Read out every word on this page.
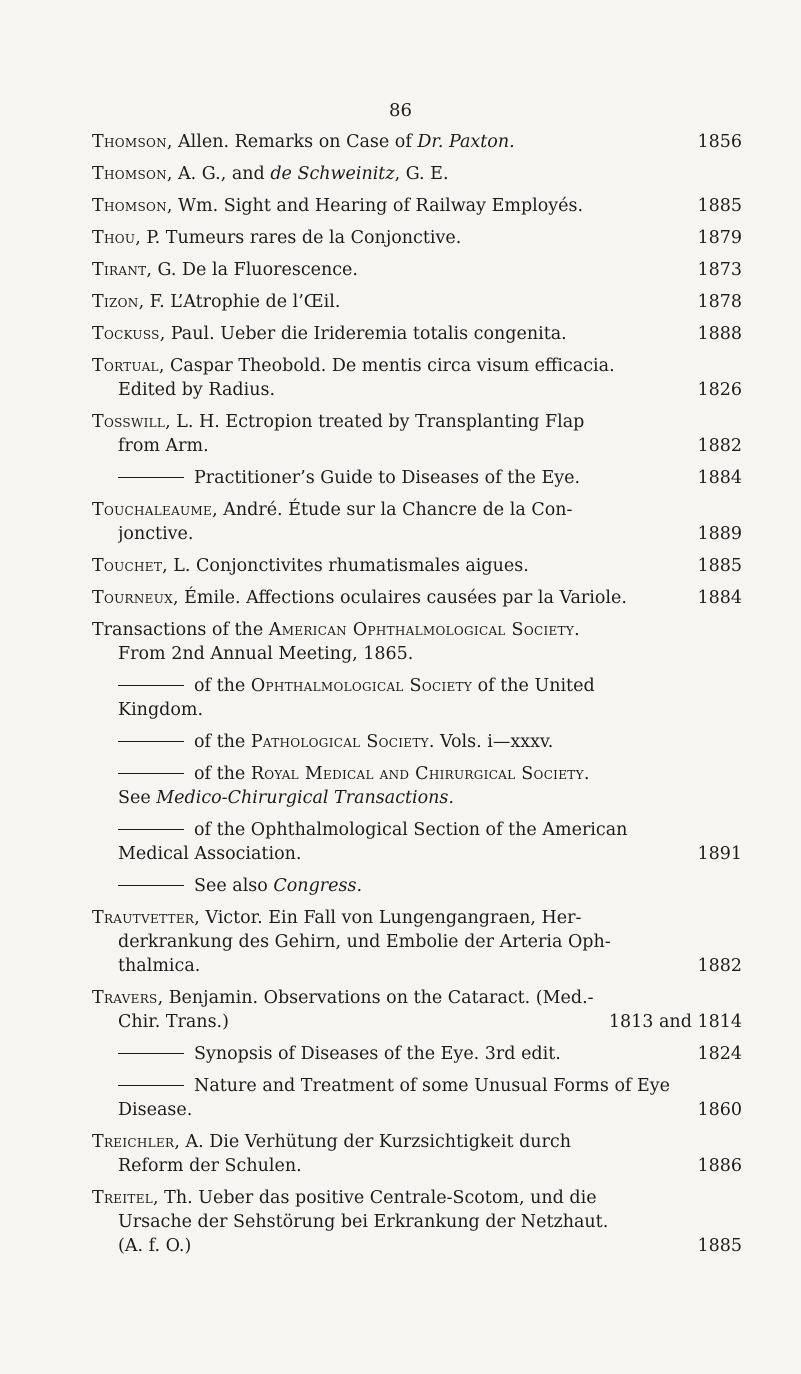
86
Thomson, Allen. Remarks on Case of Dr. Paxton.	1856
Thomson, A. G., and de Schweinitz, G. E.
Thomson, Wm. Sight and Hearing of Railway Employés.	1885
Thou, P. Tumeurs rares de la Conjonctive.	1879
Tirant, G. De la Fluorescence.	1873
Tizon, F. L’Atrophie de l’Œil.	1878
Tockuss, Paul. Ueber die Irideremia totalis congenita.	1888
Tortual, Caspar Theobold. De mentis circa visum efficacia.
Edited by Radius.	1826
Tosswill, L. H. Ectropion treated by Transplanting Flap
from Arm.	1882
Practitioner’s Guide to Diseases of the Eye.	1884
Touchaleaume, André. Étude sur la Chancre de la Con-
jonctive.	1889
Touchet, L. Conjonctivites rhumatismales aigues.	1885
Tourneux, Émile. Affections oculaires causées par la Variole.	1884
Transactions of the American Ophthalmological Society.
From 2nd Annual Meeting, 1865.
of the Ophthalmological Society of the United
Kingdom.
of the Pathological Society. Vols. i—xxxv.
of the Royal Medical and Chirurgical Society.
See Medico-Chirurgical Transactions.
of the Ophthalmological Section of the American
Medical Association.	1891
See also Congress.
Trautvetter, Victor. Ein Fall von Lungengangraen, Her-
derkrankung des Gehirn, und Embolie der Arteria Oph-
thalmica.	1882
Travers, Benjamin. Observations on the Cataract. (Med.-
Chir. Trans.)	1813 and 1814
Synopsis of Diseases of the Eye. 3rd edit.	1824
Nature and Treatment of some Unusual Forms of Eye
Disease.	1860
Treichler, A. Die Verhütung der Kurzsichtigkeit durch
Reform der Schulen.	1886
Treitel, Th. Ueber das positive Centrale-Scotom, und die
Ursache der Sehstörung bei Erkrankung der Netzhaut.
(A. f. O.)	1885
